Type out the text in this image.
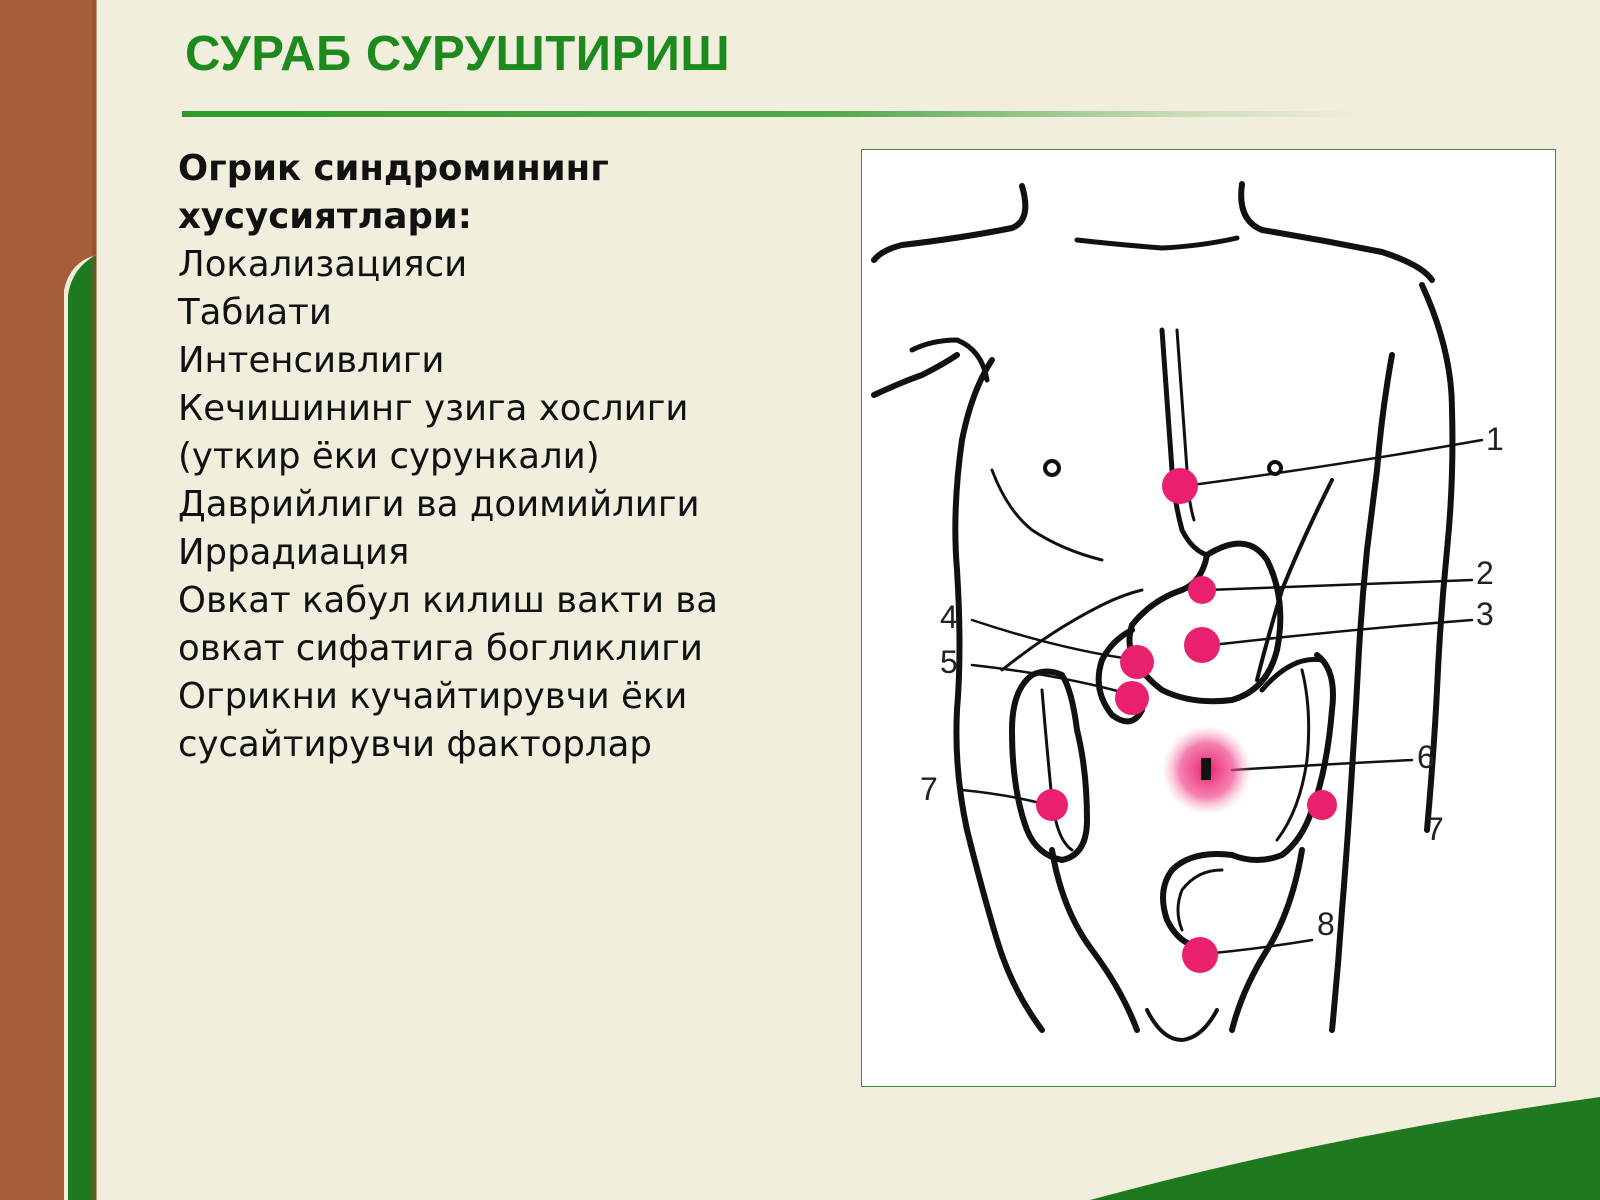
СУРАБ СУРУШТИРИШ
Огрик синдромининг
хусусиятлари:
Локализацияси
Табиати
Интенсивлиги
Кечишининг узига хослиги
(уткир ёки сурункали)
Даврийлиги ва доимийлиги
Иррадиация
Овкат кабул килиш вакти ва
овкат сифатига богликлиги
Огрикни кучайтирувчи ёки
сусайтирувчи факторлар
1
2
3
4
5
6
7
7
8
